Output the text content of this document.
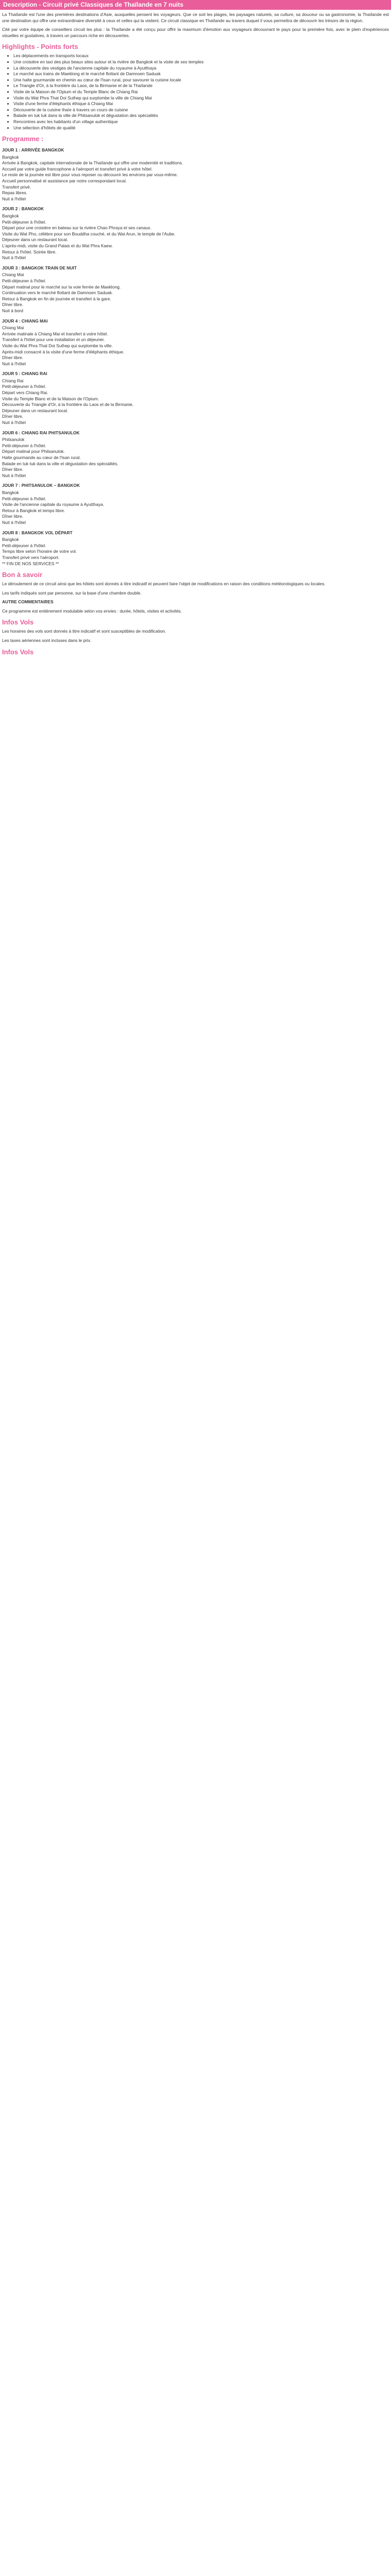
Description - Circuit privé Classiques de Thaïlande en 7 nuits

La Thaïlande est l'une des premières destinations d'Asie, auxquelles pensent les voyageurs. Que ce soit les plages, les paysages naturels, sa culture, sa douceur ou sa gastronomie, la Thaïlande est une destination qui offre une extraordinaire diversité à ceux et celles qui la visitent. Ce circuit classique en Thaïlande au travers duquel il vous permettra de découvrir les trésors de la région.

Cité par votre équipe de conseillers circuit les plus : la Thaïlande a été conçu pour offrir la maximum d'émotion aux voyageurs découvrant le pays pour la première fois, avec le plein d'expériences visuelles et gustatives, à travers un parcours riche en découvertes.

Highlights - Points forts
• Les déplacements en transports locaux
• Une croisière en taxi des plus beaux sites autour et la rivière de Bangkok et la visite de ses temples
• La découverte des vestiges de l'ancienne capitale du royaume à Ayutthaya
• Le marché aux trains de Maeklong et le marché flottant de Damnoen Saduak
• Une halte gourmande en chemin au cœur de l'Isan rural, pour savourer la cuisine locale
• Le Triangle d'Or, à la frontière du Laos, de la Birmanie et de la Thaïlande
• Visite de la Maison de l'Opium et du Temple Blanc de Chiang Rai
• Visite du Wat Phra That Doi Suthep qui surplombe la ville de Chiang Mai
• Visite d'une ferme d'éléphants éthique à Chiang Mai
• Découverte de la cuisine thaïe à travers un cours de cuisine
• Balade en tuk tuk dans la ville de Phitsanulok et dégustation des spécialités
• Rencontres avec les habitants d'un village authentique
• Une sélection d'hôtels de qualité
Programme :
JOUR 1 : ARRIVÉE BANGKOK
Bangkok
Arrivée à Bangkok, capitale internationale de la Thaïlande qui offre une modernité et traditions.
Accueil par votre guide francophone à l'aéroport et transfert privé à votre hôtel.
Le reste de la journée est libre pour vous reposer ou découvrir les environs par vous-même.
Accueil personnalisé et assistance par notre correspondant local.
Transfert privé.
Repas libres.
Nuit à l'hôtel
JOUR 2 : BANGKOK
Bangkok
Petit-déjeuner à l'hôtel.
Départ pour une croisière en bateau sur la rivière Chao Phraya et ses canaux.
Visite du Wat Pho, célèbre pour son Bouddha couché, et du Wat Arun, le temple de l'Aube.
Déjeuner dans un restaurant local.
L'après-midi, visite du Grand Palais et du Wat Phra Kaew.
Retour à l'hôtel. Soirée libre.
Nuit à l'hôtel
JOUR 3 : BANGKOK TRAIN DE NUIT
Chiang Mai
Petit-déjeuner à l'hôtel.
Départ matinal pour le marché sur la voie ferrée de Maeklong.
Continuation vers le marché flottant de Damnoen Saduak.
Retour à Bangkok en fin de journée et transfert à la gare.
Dîner libre.
Nuit à bord
JOUR 4 : CHIANG MAI
Chiang Mai
Arrivée matinale à Chiang Mai et transfert à votre hôtel.
Transfert à l'hôtel pour une installation et un déjeuner.
Visite du Wat Phra That Doi Suthep qui surplombe la ville.
Après-midi consacré à la visite d'une ferme d'éléphants éthique.
Dîner libre.
Nuit à l'hôtel
JOUR 5 : CHIANG RAI
Chiang Rai
Petit-déjeuner à l'hôtel.
Départ vers Chiang Rai.
Visite du Temple Blanc et de la Maison de l'Opium.
Découverte du Triangle d'Or, à la frontière du Laos et de la Birmanie.
Déjeuner dans un restaurant local.
Dîner libre.
Nuit à l'hôtel
JOUR 6 : CHIANG RAI PHITSANULOK
Phitsanulok
Petit-déjeuner à l'hôtel.
Départ matinal pour Phitsanulok.
Halte gourmande au cœur de l'Isan rural.
Balade en tuk tuk dans la ville et dégustation des spécialités.
Dîner libre.
Nuit à l'hôtel
JOUR 7 : PHITSANULOK – BANGKOK
Bangkok
Petit-déjeuner à l'hôtel.
Visite de l'ancienne capitale du royaume à Ayutthaya.
Retour à Bangkok et temps libre.
Dîner libre.
Nuit à l'hôtel
JOUR 8 : BANGKOK VOL DÉPART
Bangkok
Petit-déjeuner à l'hôtel.
Temps libre selon l'horaire de votre vol.
Transfert privé vers l'aéroport.
** FIN DE NOS SERVICES **
Bon à savoir

Le déroulement de ce circuit ainsi que les hôtels sont donnés à titre indicatif et peuvent faire l'objet de modifications en raison des conditions météorologiques ou locales.

Les tarifs indiqués sont par personne, sur la base d'une chambre double.

AUTRE COMMENTAIRES

Ce programme est entièrement modulable selon vos envies : durée, hôtels, visites et activités.

Infos Vols

Les horaires des vols sont donnés à titre indicatif et sont susceptibles de modification.

Les taxes aériennes sont incluses dans le prix.

Infos Vols
